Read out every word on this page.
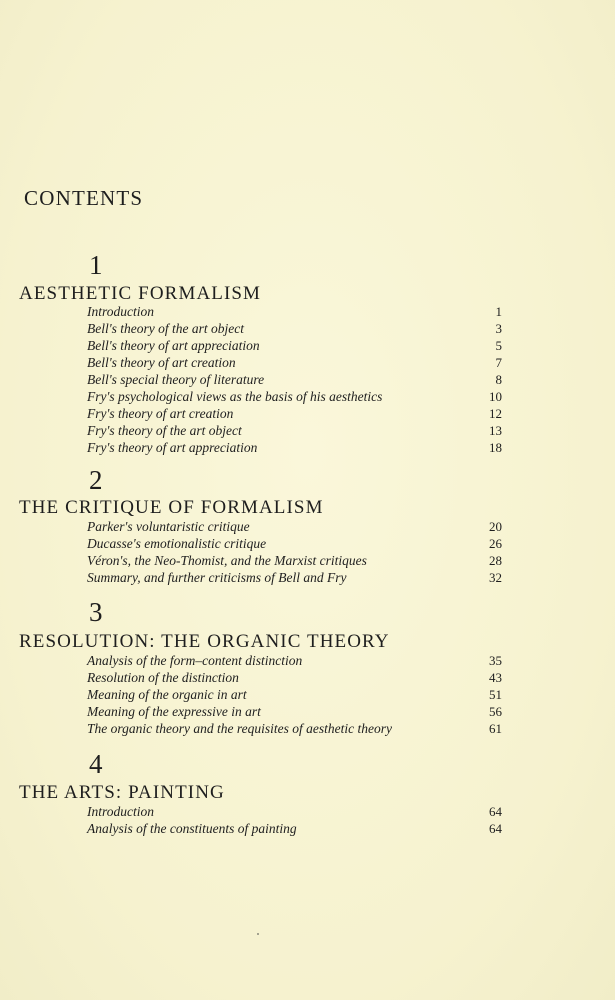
CONTENTS
1
AESTHETIC FORMALISM
Introduction	1
Bell's theory of the art object	3
Bell's theory of art appreciation	5
Bell's theory of art creation	7
Bell's special theory of literature	8
Fry's psychological views as the basis of his aesthetics	10
Fry's theory of art creation	12
Fry's theory of the art object	13
Fry's theory of art appreciation	18
2
THE CRITIQUE OF FORMALISM
Parker's voluntaristic critique	20
Ducasse's emotionalistic critique	26
Véron's, the Neo-Thomist, and the Marxist critiques	28
Summary, and further criticisms of Bell and Fry	32
3
RESOLUTION: THE ORGANIC THEORY
Analysis of the form–content distinction	35
Resolution of the distinction	43
Meaning of the organic in art	51
Meaning of the expressive in art	56
The organic theory and the requisites of aesthetic theory	61
4
THE ARTS: PAINTING
Introduction	64
Analysis of the constituents of painting	64
